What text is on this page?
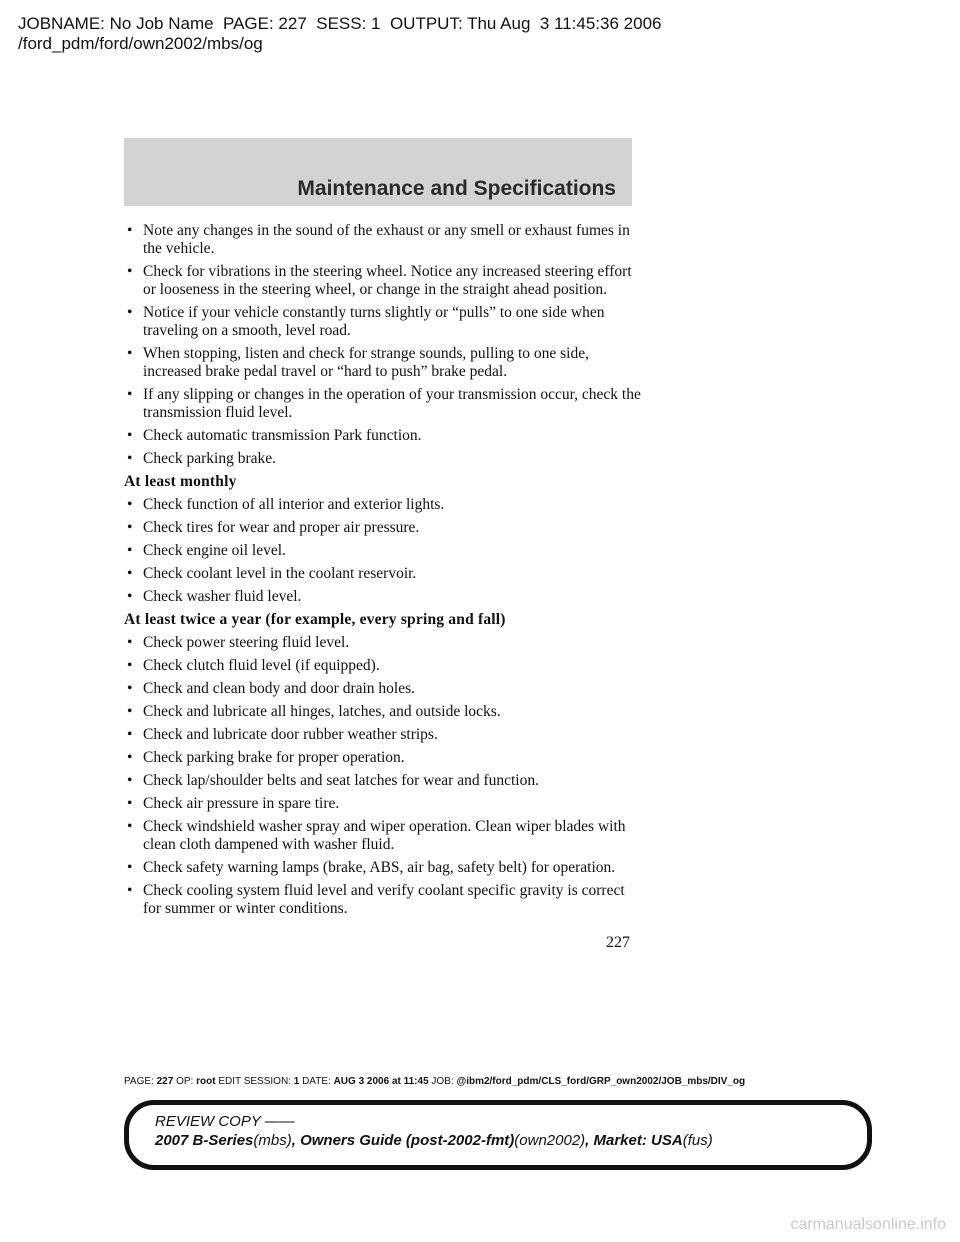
JOBNAME: No Job Name  PAGE: 227  SESS: 1  OUTPUT: Thu Aug  3 11:45:36 2006
/ford_pdm/ford/own2002/mbs/og
Maintenance and Specifications
• Note any changes in the sound of the exhaust or any smell or exhaust fumes in the vehicle.
• Check for vibrations in the steering wheel. Notice any increased steering effort or looseness in the steering wheel, or change in the straight ahead position.
• Notice if your vehicle constantly turns slightly or “pulls” to one side when traveling on a smooth, level road.
• When stopping, listen and check for strange sounds, pulling to one side, increased brake pedal travel or “hard to push” brake pedal.
• If any slipping or changes in the operation of your transmission occur, check the transmission fluid level.
• Check automatic transmission Park function.
• Check parking brake.
At least monthly
• Check function of all interior and exterior lights.
• Check tires for wear and proper air pressure.
• Check engine oil level.
• Check coolant level in the coolant reservoir.
• Check washer fluid level.
At least twice a year (for example, every spring and fall)
• Check power steering fluid level.
• Check clutch fluid level (if equipped).
• Check and clean body and door drain holes.
• Check and lubricate all hinges, latches, and outside locks.
• Check and lubricate door rubber weather strips.
• Check parking brake for proper operation.
• Check lap/shoulder belts and seat latches for wear and function.
• Check air pressure in spare tire.
• Check windshield washer spray and wiper operation. Clean wiper blades with clean cloth dampened with washer fluid.
• Check safety warning lamps (brake, ABS, air bag, safety belt) for operation.
• Check cooling system fluid level and verify coolant specific gravity is correct for summer or winter conditions.
227
PAGE: 227 OP: root EDIT SESSION: 1 DATE: AUG 3 2006 at 11:45 JOB: @ibm2/ford_pdm/CLS_ford/GRP_own2002/JOB_mbs/DIV_og
REVIEW COPY ——
2007 B-Series(mbs), Owners Guide (post-2002-fmt)(own2002), Market: USA(fus)
carmanualsonline.info
